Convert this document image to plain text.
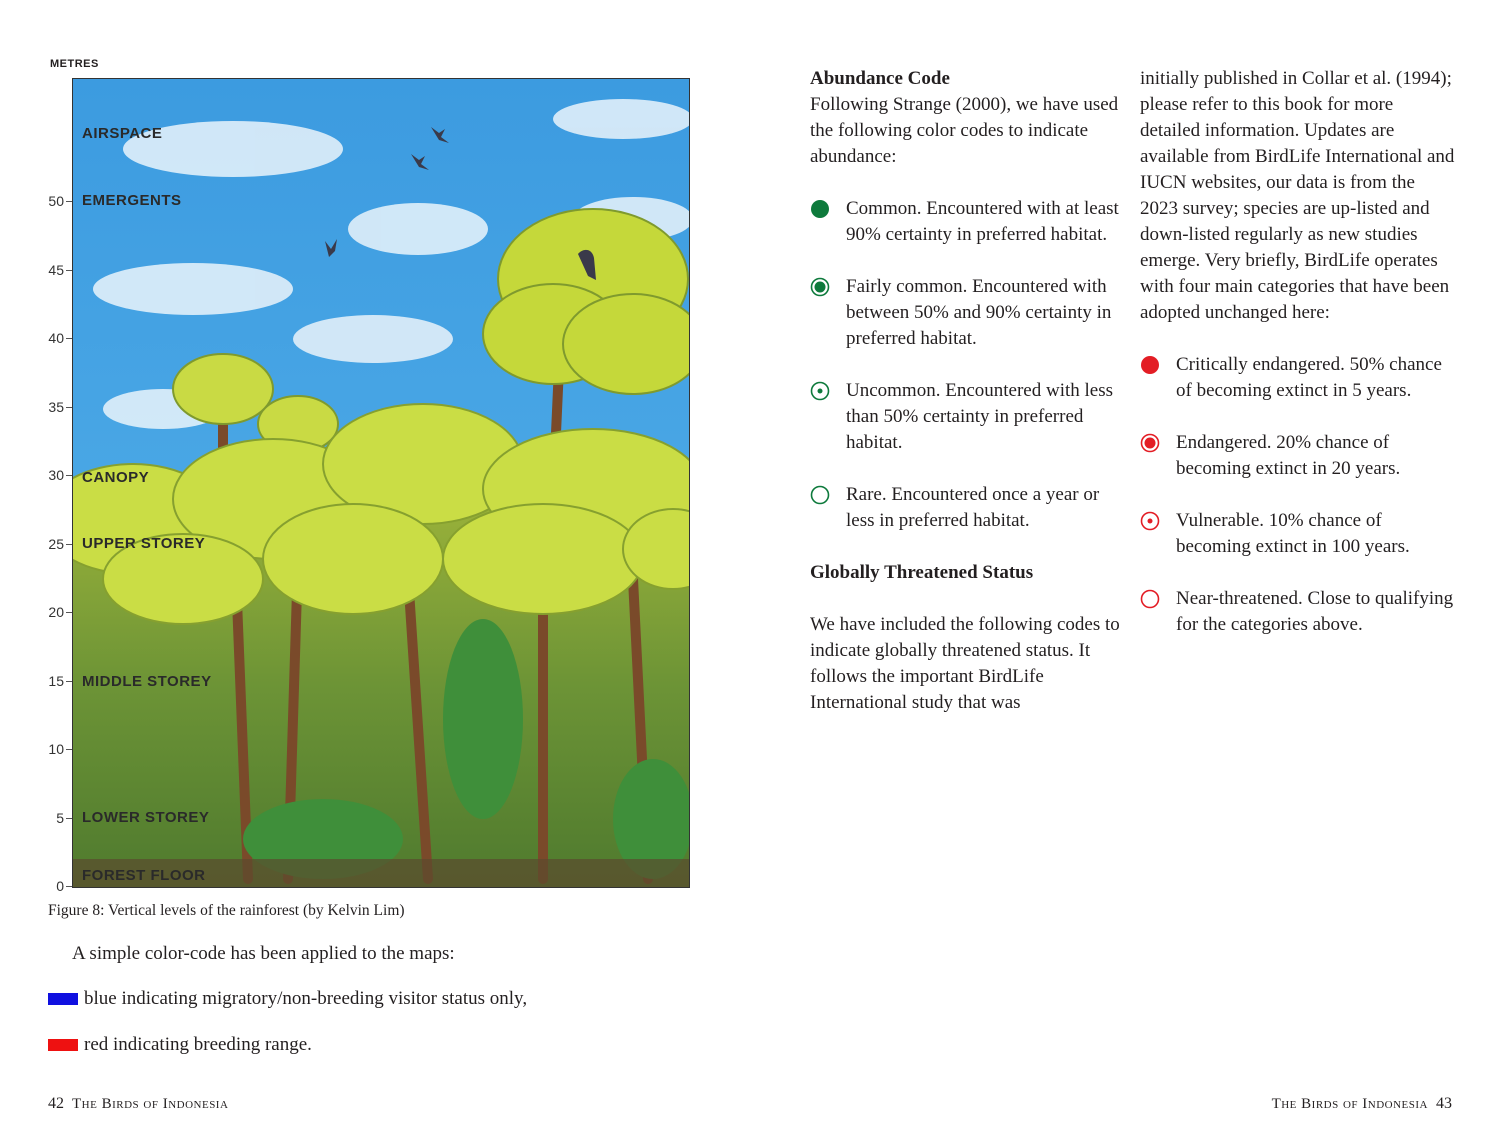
METRES
50
45
40
35
30
25
20
15
10
5
0
AIRSPACE
EMERGENTS
CANOPY
UPPER STOREY
MIDDLE STOREY
LOWER STOREY
FOREST FLOOR
Figure 8: Vertical levels of the rainforest (by Kelvin Lim)
A simple color-code has been applied to the maps:
blue indicating migratory/non-breeding visitor status only,
red indicating breeding range.
42 The Birds of Indonesia

Abundance Code

Following Strange (2000), we have used the following color codes to indicate abundance:

Common. Encountered with at least 90% certainty in preferred habitat.

Fairly common. Encountered with between 50% and 90% certainty in preferred habitat.

Uncommon. Encountered with less than 50% certainty in preferred habitat.

Rare. Encountered once a year or less in preferred habitat.

Globally Threatened Status

We have included the following codes to indicate globally threatened status. It follows the important BirdLife International study that was

initially published in Collar et al. (1994); please refer to this book for more detailed information. Updates are available from BirdLife International and IUCN websites, our data is from the 2023 survey; species are up-listed and down-listed regularly as new studies emerge. Very briefly, BirdLife operates with four main categories that have been adopted unchanged here:

Critically endangered. 50% chance of becoming extinct in 5 years.

Endangered. 20% chance of becoming extinct in 20 years.

Vulnerable. 10% chance of becoming extinct in 100 years.

Near-threatened. Close to qualifying for the categories above.

The Birds of Indonesia 43
